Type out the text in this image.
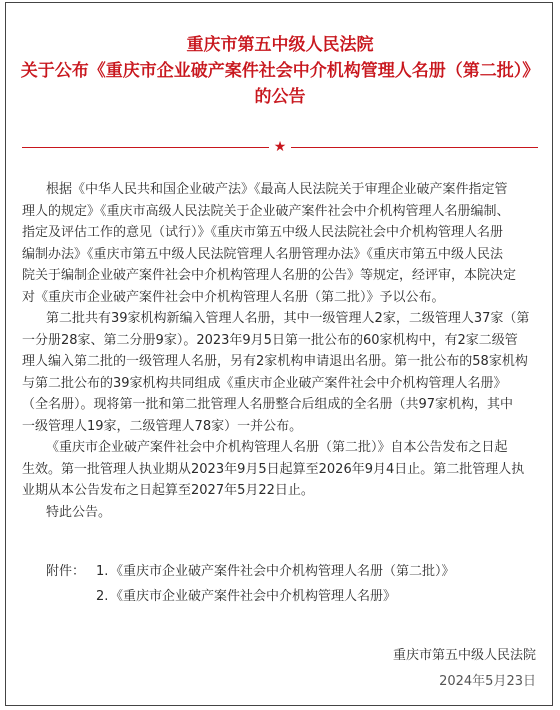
重庆市第五中级人民法院
关于公布《重庆市企业破产案件社会中介机构管理人名册（第二批）》
的公告
★
根据《中华人民共和国企业破产法》《最高人民法院关于审理企业破产案件指定管
理人的规定》《重庆市高级人民法院关于企业破产案件社会中介机构管理人名册编制、
指定及评估工作的意见（试行）》《重庆市第五中级人民法院社会中介机构管理人名册
编制办法》《重庆市第五中级人民法院管理人名册管理办法》《重庆市第五中级人民法
院关于编制企业破产案件社会中介机构管理人名册的公告》等规定，经评审，本院决定
对《重庆市企业破产案件社会中介机构管理人名册（第二批）》予以公布。
第二批共有39家机构新编入管理人名册，其中一级管理人2家，二级管理人37家（第
一分册28家、第二分册9家）。2023年9月5日第一批公布的60家机构中，有2家二级管
理人编入第二批的一级管理人名册，另有2家机构申请退出名册。第一批公布的58家机构
与第二批公布的39家机构共同组成《重庆市企业破产案件社会中介机构管理人名册》
（全名册）。现将第一批和第二批管理人名册整合后组成的全名册（共97家机构，其中
一级管理人19家，二级管理人78家）一并公布。
《重庆市企业破产案件社会中介机构管理人名册（第二批）》自本公告发布之日起
生效。第一批管理人执业期从2023年9月5日起算至2026年9月4日止。第二批管理人执
业期从本公告发布之日起算至2027年5月22日止。
特此公告。
附件： 1. 《重庆市企业破产案件社会中介机构管理人名册（第二批）》
2. 《重庆市企业破产案件社会中介机构管理人名册》
重庆市第五中级人民法院
2024年5月23日
